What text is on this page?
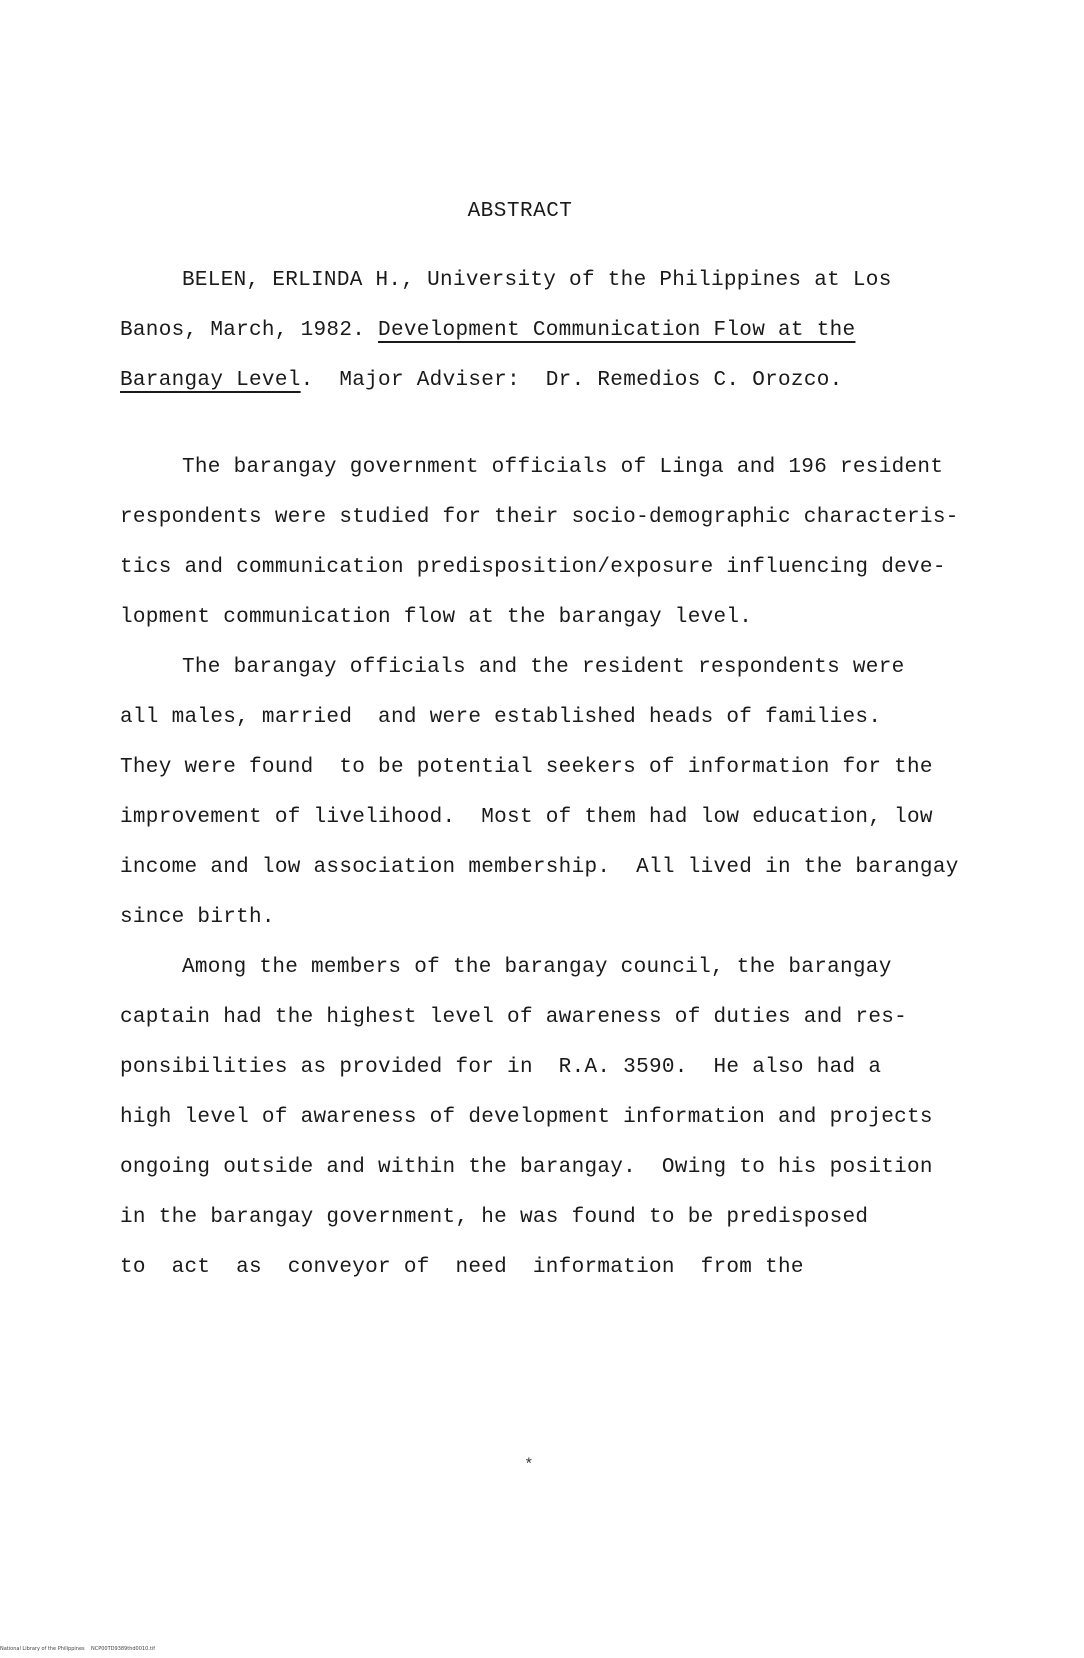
ABSTRACT
BELEN, ERLINDA H., University of the Philippines at Los
Banos, March, 1982. Development Communication Flow at the
Barangay Level.  Major Adviser:  Dr. Remedios C. Orozco.
The barangay government officials of Linga and 196 resident
respondents were studied for their socio-demographic characteris-
tics and communication predisposition/exposure influencing deve-
lopment communication flow at the barangay level.
The barangay officials and the resident respondents were
all males, married  and were established heads of families.
They were found  to be potential seekers of information for the
improvement of livelihood.  Most of them had low education, low
income and low association membership.  All lived in the barangay
since birth.
Among the members of the barangay council, the barangay
captain had the highest level of awareness of duties and res-
ponsibilities as provided for in  R.A. 3590.  He also had a
high level of awareness of development information and projects
ongoing outside and within the barangay.  Owing to his position
in the barangay government, he was found to be predisposed
to  act  as  conveyor of  need  information  from the
*
National Library of the Philippines    NCP00TD9389thd0010.tif
